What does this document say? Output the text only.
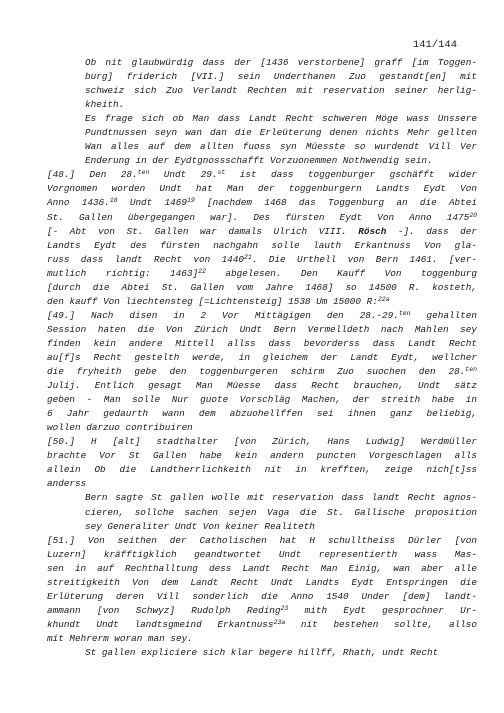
141/144
Ob nit glaubwürdig dass der [1436 verstorbene] graff [im Toggen-
burg] friderich [VII.] sein Underthanen Zuo gestandt[en] mit
schweiz sich Zuo Verlandt Rechten mit reservation seiner herlig-
kheith.
Es frage sich ob Man dass Landt Recht schweren Möge wass Unssere
Pundtnussen seyn wan dan die Erleüterung denen nichts Mehr gellten
Wan alles auf dem allten fuoss syn Müesste so wurdendt Vill Ver
Enderung in der Eydtgnossschafft Vorzuonemmen Nothwendig sein.
[48.] Den 28.$^{ten}$ Undt 29.$^{st}$ ist dass toggenburger gschäfft wider
Vorgnomen worden Undt hat Man der toggenburgern Landts Eydt Von
Anno 1436.18 Undt 1469$^{19}$ [nachdem 1468 das Toggenburg an die Abtei
St. Gallen übergegangen war]. Des fürsten Eydt Von Anno 1475$^{20}$
[- Abt von St. Gallen war damals Ulrich VIII. Rösch -]. dass der
Landts Eydt des fürsten nachgahn solle lauth Erkantnuss Von gla-
russ dass landt Recht von 1440$^{21}$. Die Urthell von Bern 1461. [ver-
mutlich richtig: 1463]$^{22}$ abgelesen. Den Kauff Von toggenburg
[durch die Abtei St. Gallen vom Jahre 1468] so 14500 R. kosteth,
den kauff Von liechtensteg [=Lichtensteig] 1538 Um 15000 R:$^{22a}$
[49.] Nach disen in 2 Vor Mittägigen den 28.-29.$^{ten}$ gehallten
Session haten die Von Zürich Undt Bern Vermelldeth nach Mahlen sey
finden kein andere Mittell allss dass bevorderss dass Landt Recht
au[f]s Recht gestelth werde, in gleichem der Landt Eydt, wellcher
die fryheith gebe den toggenburgeren schirm Zuo suochen den 28.$^{ten}$
Julij. Entlich gesagt Man Müesse dass Recht brauchen, Undt sätz
geben - Man solle Nur guote Vorschläg Machen, der streith habe in
6 Jahr gedaurth wann dem abzuohellffen sei ihnen ganz beliebig,
wollen darzuo contribuiren
[50.] H [alt] stadthalter [von Zürich, Hans Ludwig] Werdmüller
brachte Vor St Gallen habe kein andern puncten Vorgeschlagen alls
allein Ob die Landtherrlichkeith nit in krefften, zeige nich[t]ss
anderss
Bern sagte St gallen wolle mit reservation dass landt Recht agnos-
cieren, sollche sachen sejen Vaga die St. Gallische proposition
sey Generaliter Undt Von keiner Realiteth
[51.] Von seithen der Catholischen hat H schulltheiss Dürler [von
Luzern] kräfftigklich geandtwortet Undt representierth wass Mas-
sen in auf Rechthalltung dess Landt Recht Man Einig, wan aber alle
streitigkeith Von dem Landt Recht Undt Landts Eydt Entspringen die
Erlüterung deren Vill sonderlich die Anno 1540 Under [dem] landt-
ammann [von Schwyz] Rudolph Reding$^{23}$ mith Eydt gesprochner Ur-
khundt Undt landtsgmeind Erkantnuss$^{23a}$ nit bestehen sollte, allso
mit Mehrerm woran man sey.
St gallen expliciere sich klar begere hillff, Rhath, undt Recht
